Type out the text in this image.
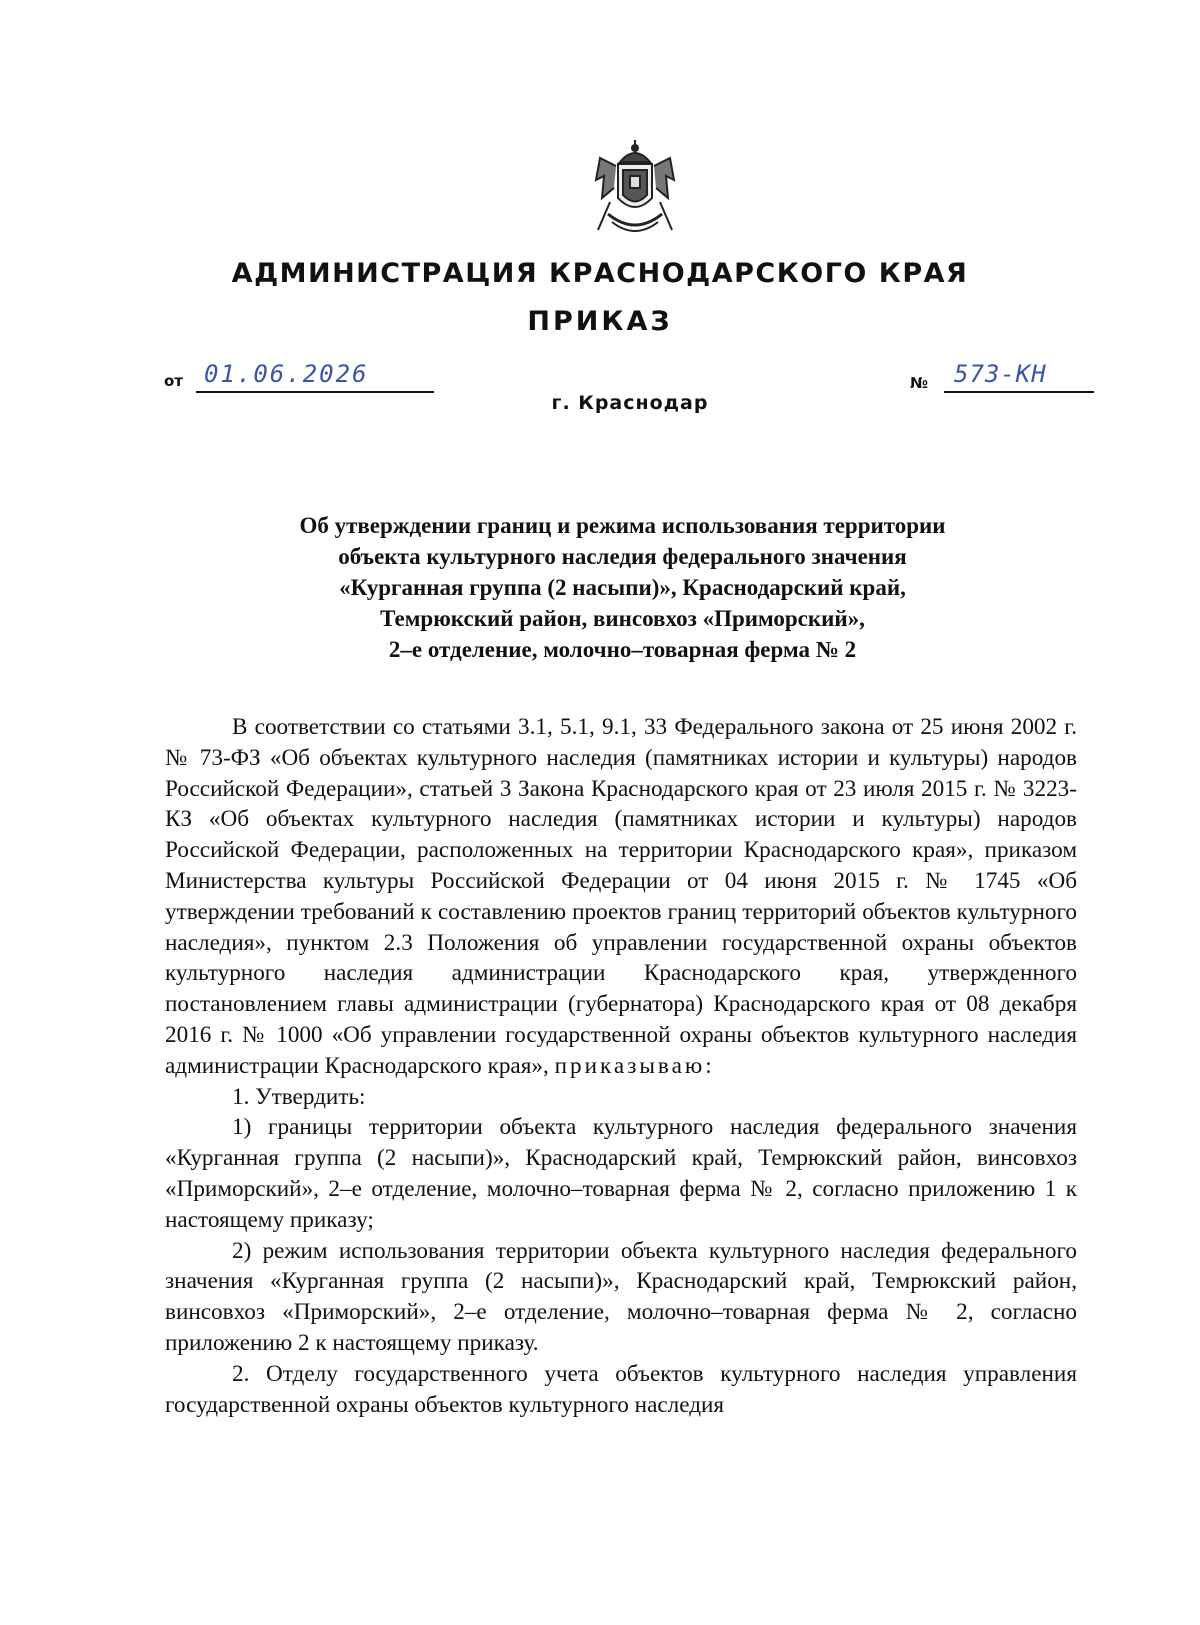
АДМИНИСТРАЦИЯ КРАСНОДАРСКОГО КРАЯ
ПРИКАЗ
от 01.06.2026
г. Краснодар
№ 573-КН
Об утверждении границ и режима использования территории
объекта культурного наследия федерального значения
«Курганная группа (2 насыпи)», Краснодарский край,
Темрюкский район, винсовхоз «Приморский»,
2–е отделение, молочно–товарная ферма № 2

В соответствии со статьями 3.1, 5.1, 9.1, 33 Федерального закона от 25 июня 2002 г. № 73-ФЗ «Об объектах культурного наследия (памятниках истории и культуры) народов Российской Федерации», статьей 3 Закона Краснодарского края от 23 июля 2015 г. № 3223-КЗ «Об объектах культурного наследия (памятниках истории и культуры) народов Российской Федерации, расположенных на территории Краснодарского края», приказом Министерства культуры Российской Федерации от 04 июня 2015 г. № 1745 «Об утверждении требований к составлению проектов границ территорий объектов культурного наследия», пунктом 2.3 Положения об управлении государственной охраны объектов культурного наследия администрации Краснодарского края, утвержденного постановлением главы администрации (губернатора) Краснодарского края от 08 декабря 2016 г. № 1000 «Об управлении государственной охраны объектов культурного наследия администрации Краснодарского края», приказываю:

1. Утвердить:

1) границы территории объекта культурного наследия федерального значения «Курганная группа (2 насыпи)», Краснодарский край, Темрюкский район, винсовхоз «Приморский», 2–е отделение, молочно–товарная ферма № 2, согласно приложению 1 к настоящему приказу;

2) режим использования территории объекта культурного наследия федерального значения «Курганная группа (2 насыпи)», Краснодарский край, Темрюкский район, винсовхоз «Приморский», 2–е отделение, молочно–товарная ферма № 2, согласно приложению 2 к настоящему приказу.

2. Отделу государственного учета объектов культурного наследия управления государственной охраны объектов культурного наследия
